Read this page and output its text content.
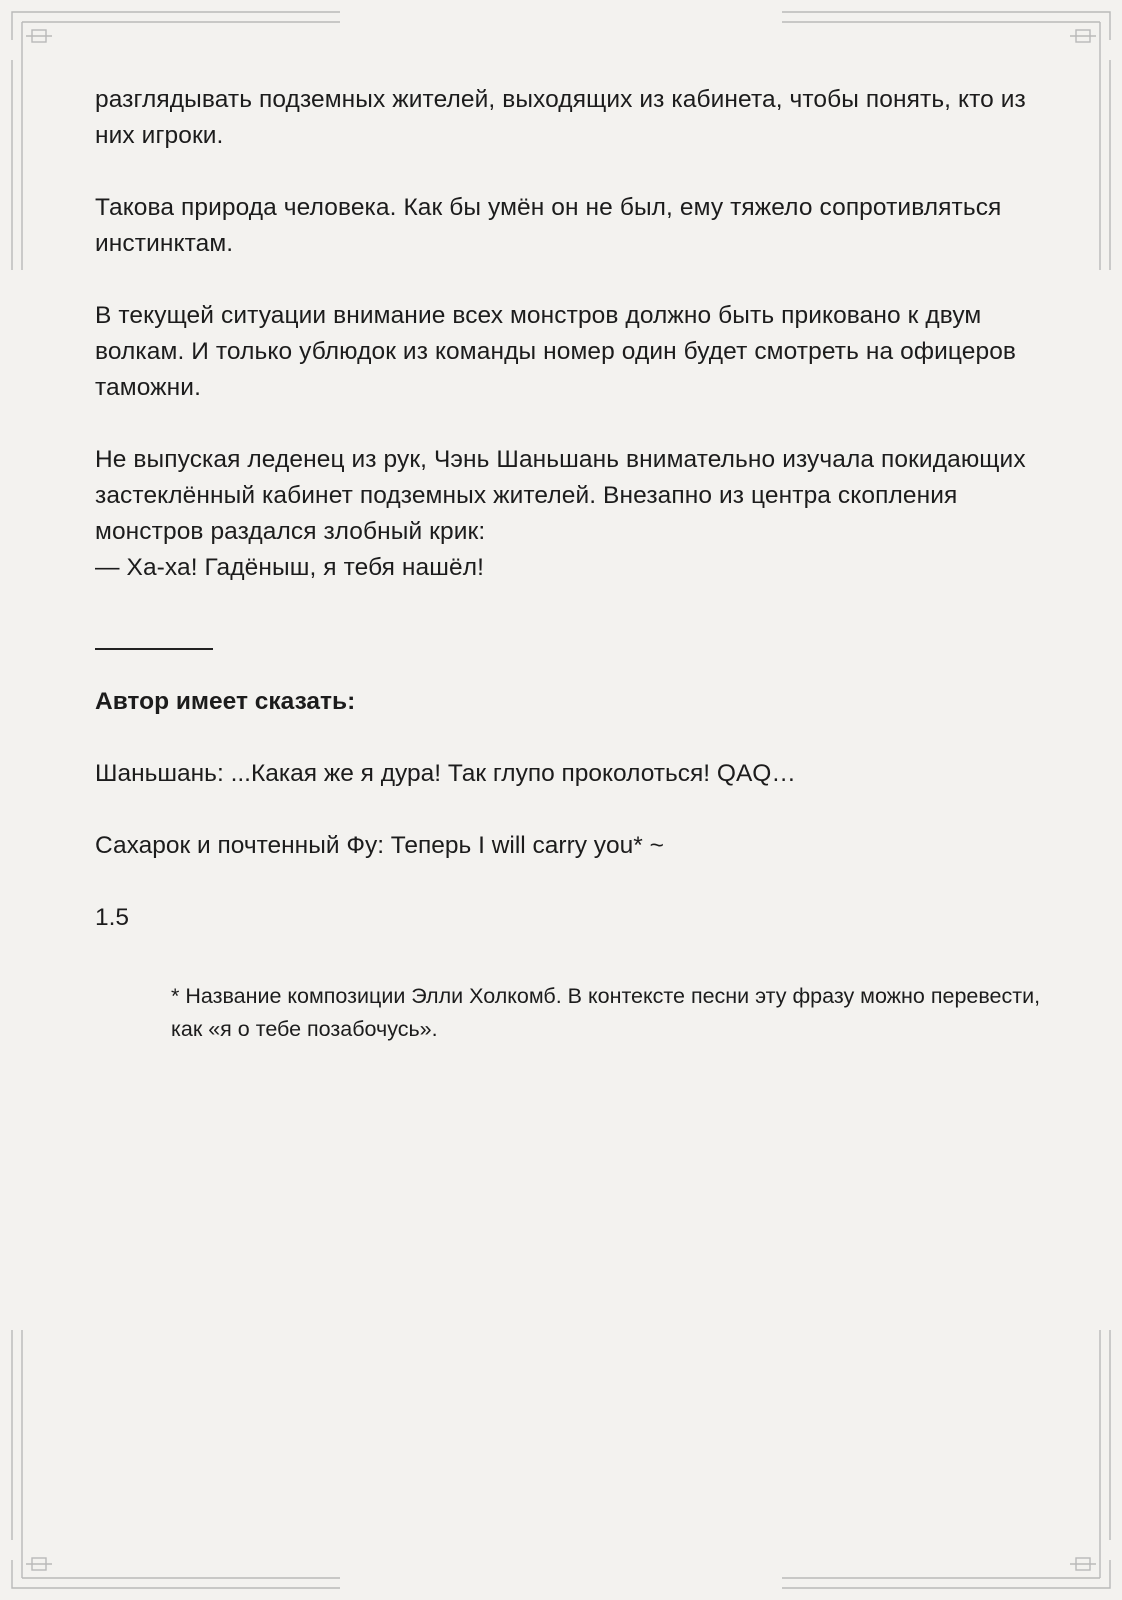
разглядывать подземных жителей, выходящих из кабинета, чтобы понять, кто из них игроки.

Такова природа человека. Как бы умён он не был, ему тяжело сопротивляться инстинктам.

В текущей ситуации внимание всех монстров должно быть приковано к двум волкам. И только ублюдок из команды номер один будет смотреть на офицеров таможни.

Не выпуская леденец из рук, Чэнь Шаньшань внимательно изучала покидающих застеклённый кабинет подземных жителей. Внезапно из центра скопления монстров раздался злобный крик:

— Ха-ха! Гадёныш, я тебя нашёл!

Автор имеет сказать:
Шаньшань: ...Какая же я дура! Так глупо проколоться! QAQ…
Сахарок и почтенный Фу: Теперь I will carry you* ~
1.5
* Название композиции Элли Холкомб. В контексте песни эту фразу можно перевести, как «я о тебе позабочусь».
